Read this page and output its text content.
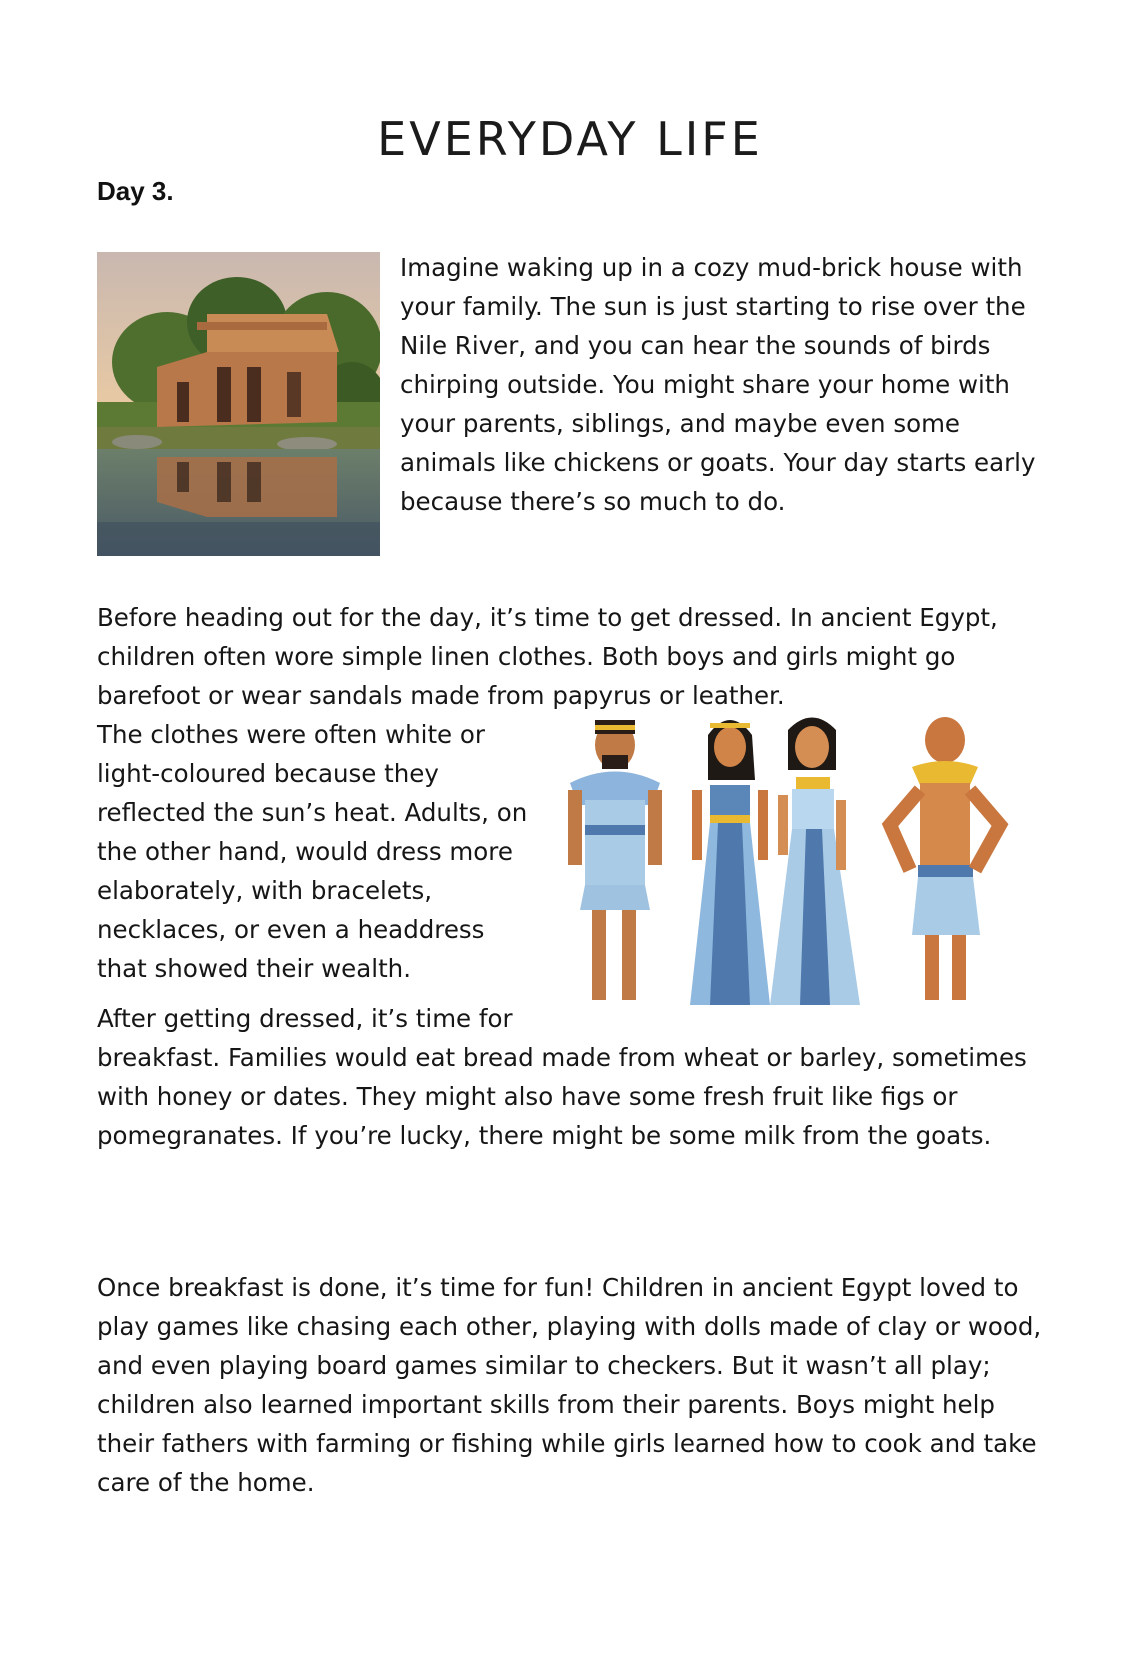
EVERYDAY LIFE

Day 3.

Imagine waking up in a cozy mud-brick house with your family. The sun is just starting to rise over the Nile River, and you can hear the sounds of birds chirping outside. You might share your home with your parents, siblings, and maybe even some animals like chickens or goats. Your day starts early because there’s so much to do.

Before heading out for the day, it’s time to get dressed. In ancient Egypt, children often wore simple linen clothes. Both boys and girls might go barefoot or wear sandals made from papyrus or leather.

The clothes were often white or light-coloured because they reflected the sun’s heat. Adults, on the other hand, would dress more elaborately, with bracelets, necklaces, or even a headdress that showed their wealth.

After getting dressed, it’s time for

breakfast. Families would eat bread made from wheat or barley, sometimes with honey or dates. They might also have some fresh fruit like figs or pomegranates. If you’re lucky, there might be some milk from the goats.

Once breakfast is done, it’s time for fun! Children in ancient Egypt loved to play games like chasing each other, playing with dolls made of clay or wood, and even playing board games similar to checkers. But it wasn’t all play; children also learned important skills from their parents. Boys might help their fathers with farming or fishing while girls learned how to cook and take care of the home.
